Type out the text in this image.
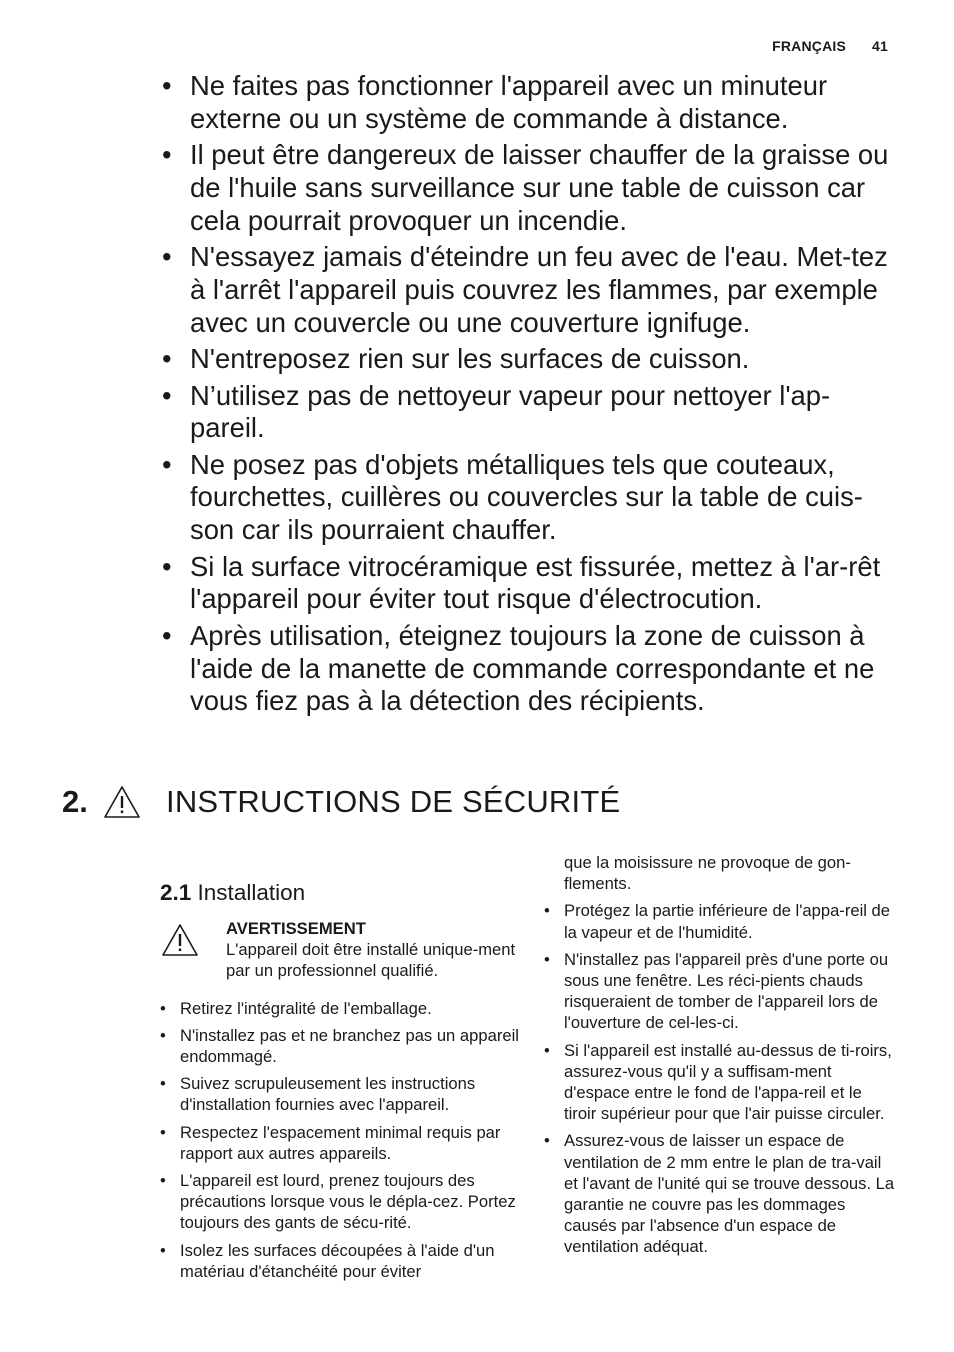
FRANÇAIS 41
• Ne faites pas fonctionner l'appareil avec un minuteur externe ou un système de commande à distance.
• Il peut être dangereux de laisser chauffer de la graisse ou de l'huile sans surveillance sur une table de cuisson car cela pourrait provoquer un incendie.
• N'essayez jamais d'éteindre un feu avec de l'eau. Met-tez à l'arrêt l'appareil puis couvrez les flammes, par exemple avec un couvercle ou une couverture ignifuge.
• N'entreposez rien sur les surfaces de cuisson.
• N’utilisez pas de nettoyeur vapeur pour nettoyer l'ap-pareil.
• Ne posez pas d'objets métalliques tels que couteaux, fourchettes, cuillères ou couvercles sur la table de cuis-son car ils pourraient chauffer.
• Si la surface vitrocéramique est fissurée, mettez à l'ar-rêt l'appareil pour éviter tout risque d'électrocution.
• Après utilisation, éteignez toujours la zone de cuisson à l'aide de la manette de commande correspondante et ne vous fiez pas à la détection des récipients.
2.	INSTRUCTIONS DE SÉCURITÉ
2.1 Installation
AVERTISSEMENT
L'appareil doit être installé unique-ment par un professionnel qualifié.
• Retirez l'intégralité de l'emballage.
• N'installez pas et ne branchez pas un appareil endommagé.
• Suivez scrupuleusement les instructions d'installation fournies avec l'appareil.
• Respectez l'espacement minimal requis par rapport aux autres appareils.
• L'appareil est lourd, prenez toujours des précautions lorsque vous le dépla-cez. Portez toujours des gants de sécu-rité.
• Isolez les surfaces découpées à l'aide d'un matériau d'étanchéité pour éviter
que la moisissure ne provoque de gon-flements.
• Protégez la partie inférieure de l'appa-reil de la vapeur et de l'humidité.
• N'installez pas l'appareil près d'une porte ou sous une fenêtre. Les réci-pients chauds risqueraient de tomber de l'appareil lors de l'ouverture de cel-les-ci.
• Si l'appareil est installé au-dessus de ti-roirs, assurez-vous qu'il y a suffisam-ment d'espace entre le fond de l'appa-reil et le tiroir supérieur pour que l'air puisse circuler.
• Assurez-vous de laisser un espace de ventilation de 2 mm entre le plan de tra-vail et l'avant de l'unité qui se trouve dessous. La garantie ne couvre pas les dommages causés par l'absence d'un espace de ventilation adéquat.
